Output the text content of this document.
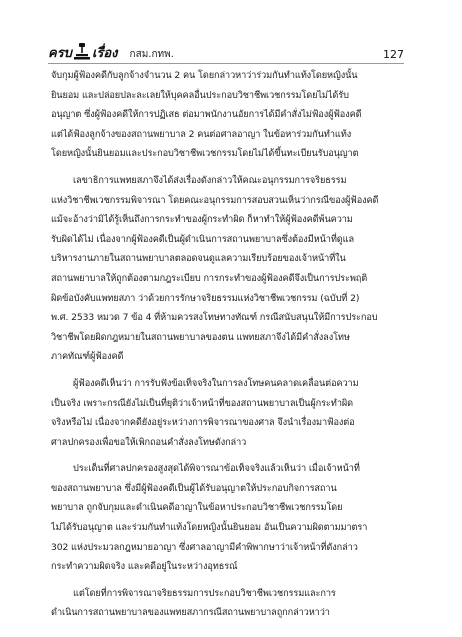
ครบ เรื่อง กสม.กทพ.	127
จับกุมผู้ฟ้องคดีกับลูกจ้างจำนวน 2 คน โดยกล่าวหาว่าร่วมกันทำแท้งโดยหญิงนั้น
ยินยอม และปล่อยปละละเลยให้บุคคลอื่นประกอบวิชาชีพเวชกรรมโดยไม่ได้รับ
อนุญาต ซึ่งผู้ฟ้องคดีให้การปฏิเสธ ต่อมาพนักงานอัยการได้มีคำสั่งไม่ฟ้องผู้ฟ้องคดี
แต่ได้ฟ้องลูกจ้างของสถานพยาบาล 2 คนต่อศาลอาญา ในข้อหาร่วมกันทำแท้ง
โดยหญิงนั้นยินยอมและประกอบวิชาชีพเวชกรรมโดยไม่ได้ขึ้นทะเบียนรับอนุญาต
เลขาธิการแพทยสภาจึงได้ส่งเรื่องดังกล่าวให้คณะอนุกรรมการจริยธรรม
แห่งวิชาชีพเวชกรรมพิจารณา โดยคณะอนุกรรมการสอบสวนเห็นว่ากรณีของผู้ฟ้องคดี
แม้จะอ้างว่ามิได้รู้เห็นถึงการกระทำของผู้กระทำผิด ก็หาทำให้ผู้ฟ้องคดีพ้นความ
รับผิดได้ไม่ เนื่องจากผู้ฟ้องคดีเป็นผู้ดำเนินการสถานพยาบาลซึ่งต้องมีหน้าที่ดูแล
บริหารงานภายในสถานพยาบาลตลอดจนดูแลความเรียบร้อยของเจ้าหน้าที่ใน
สถานพยาบาลให้ถูกต้องตามกฎระเบียบ การกระทำของผู้ฟ้องคดีจึงเป็นการประพฤติ
ผิดข้อบังคับแพทยสภา ว่าด้วยการรักษาจริยธรรมแห่งวิชาชีพเวชกรรม (ฉบับที่ 2)
พ.ศ. 2533 หมวด 7 ข้อ 4 ที่ห้ามควรสงโทษทางทัณฑ์ กรณีสนับสนุนให้มีการประกอบ
วิชาชีพโดยผิดกฎหมายในสถานพยาบาลของตน แพทยสภาจึงได้มีคำสั่งลงโทษ
ภาคทัณฑ์ผู้ฟ้องคดี
ผู้ฟ้องคดีเห็นว่า การรับฟังข้อเท็จจริงในการลงโทษคนคลาดเคลื่อนต่อความ
เป็นจริง เพราะกรณียังไม่เป็นที่ยุติว่าเจ้าหน้าที่ของสถานพยาบาลเป็นผู้กระทำผิด
จริงหรือไม่ เนื่องจากคดียังอยู่ระหว่างการพิจารณาของศาล จึงนำเรื่องมาฟ้องต่อ
ศาลปกครองเพื่อขอให้เพิกถอนคำสั่งลงโทษดังกล่าว
ประเด็นที่ศาลปกครองสูงสุดได้พิจารณาข้อเท็จจริงแล้วเห็นว่า เมื่อเจ้าหน้าที่
ของสถานพยาบาล ซึ่งมีผู้ฟ้องคดีเป็นผู้ได้รับอนุญาตให้ประกอบกิจการสถาน
พยาบาล ถูกจับกุมและดำเนินคดีอาญาในข้อหาประกอบวิชาชีพเวชกรรมโดย
ไม่ได้รับอนุญาต และร่วมกันทำแท้งโดยหญิงนั้นยินยอม อันเป็นความผิดตามมาตรา
302 แห่งประมวลกฎหมายอาญา ซึ่งศาลอาญามีคำพิพากษาว่าเจ้าหน้าที่ดังกล่าว
กระทำความผิดจริง และคดีอยู่ในระหว่างอุทธรณ์
แต่โดยที่การพิจารณาจริยธรรมการประกอบวิชาชีพเวชกรรมและการ
ดำเนินการสถานพยาบาลของแพทยสภากรณีสถานพยาบาลถูกกล่าวหาว่า
